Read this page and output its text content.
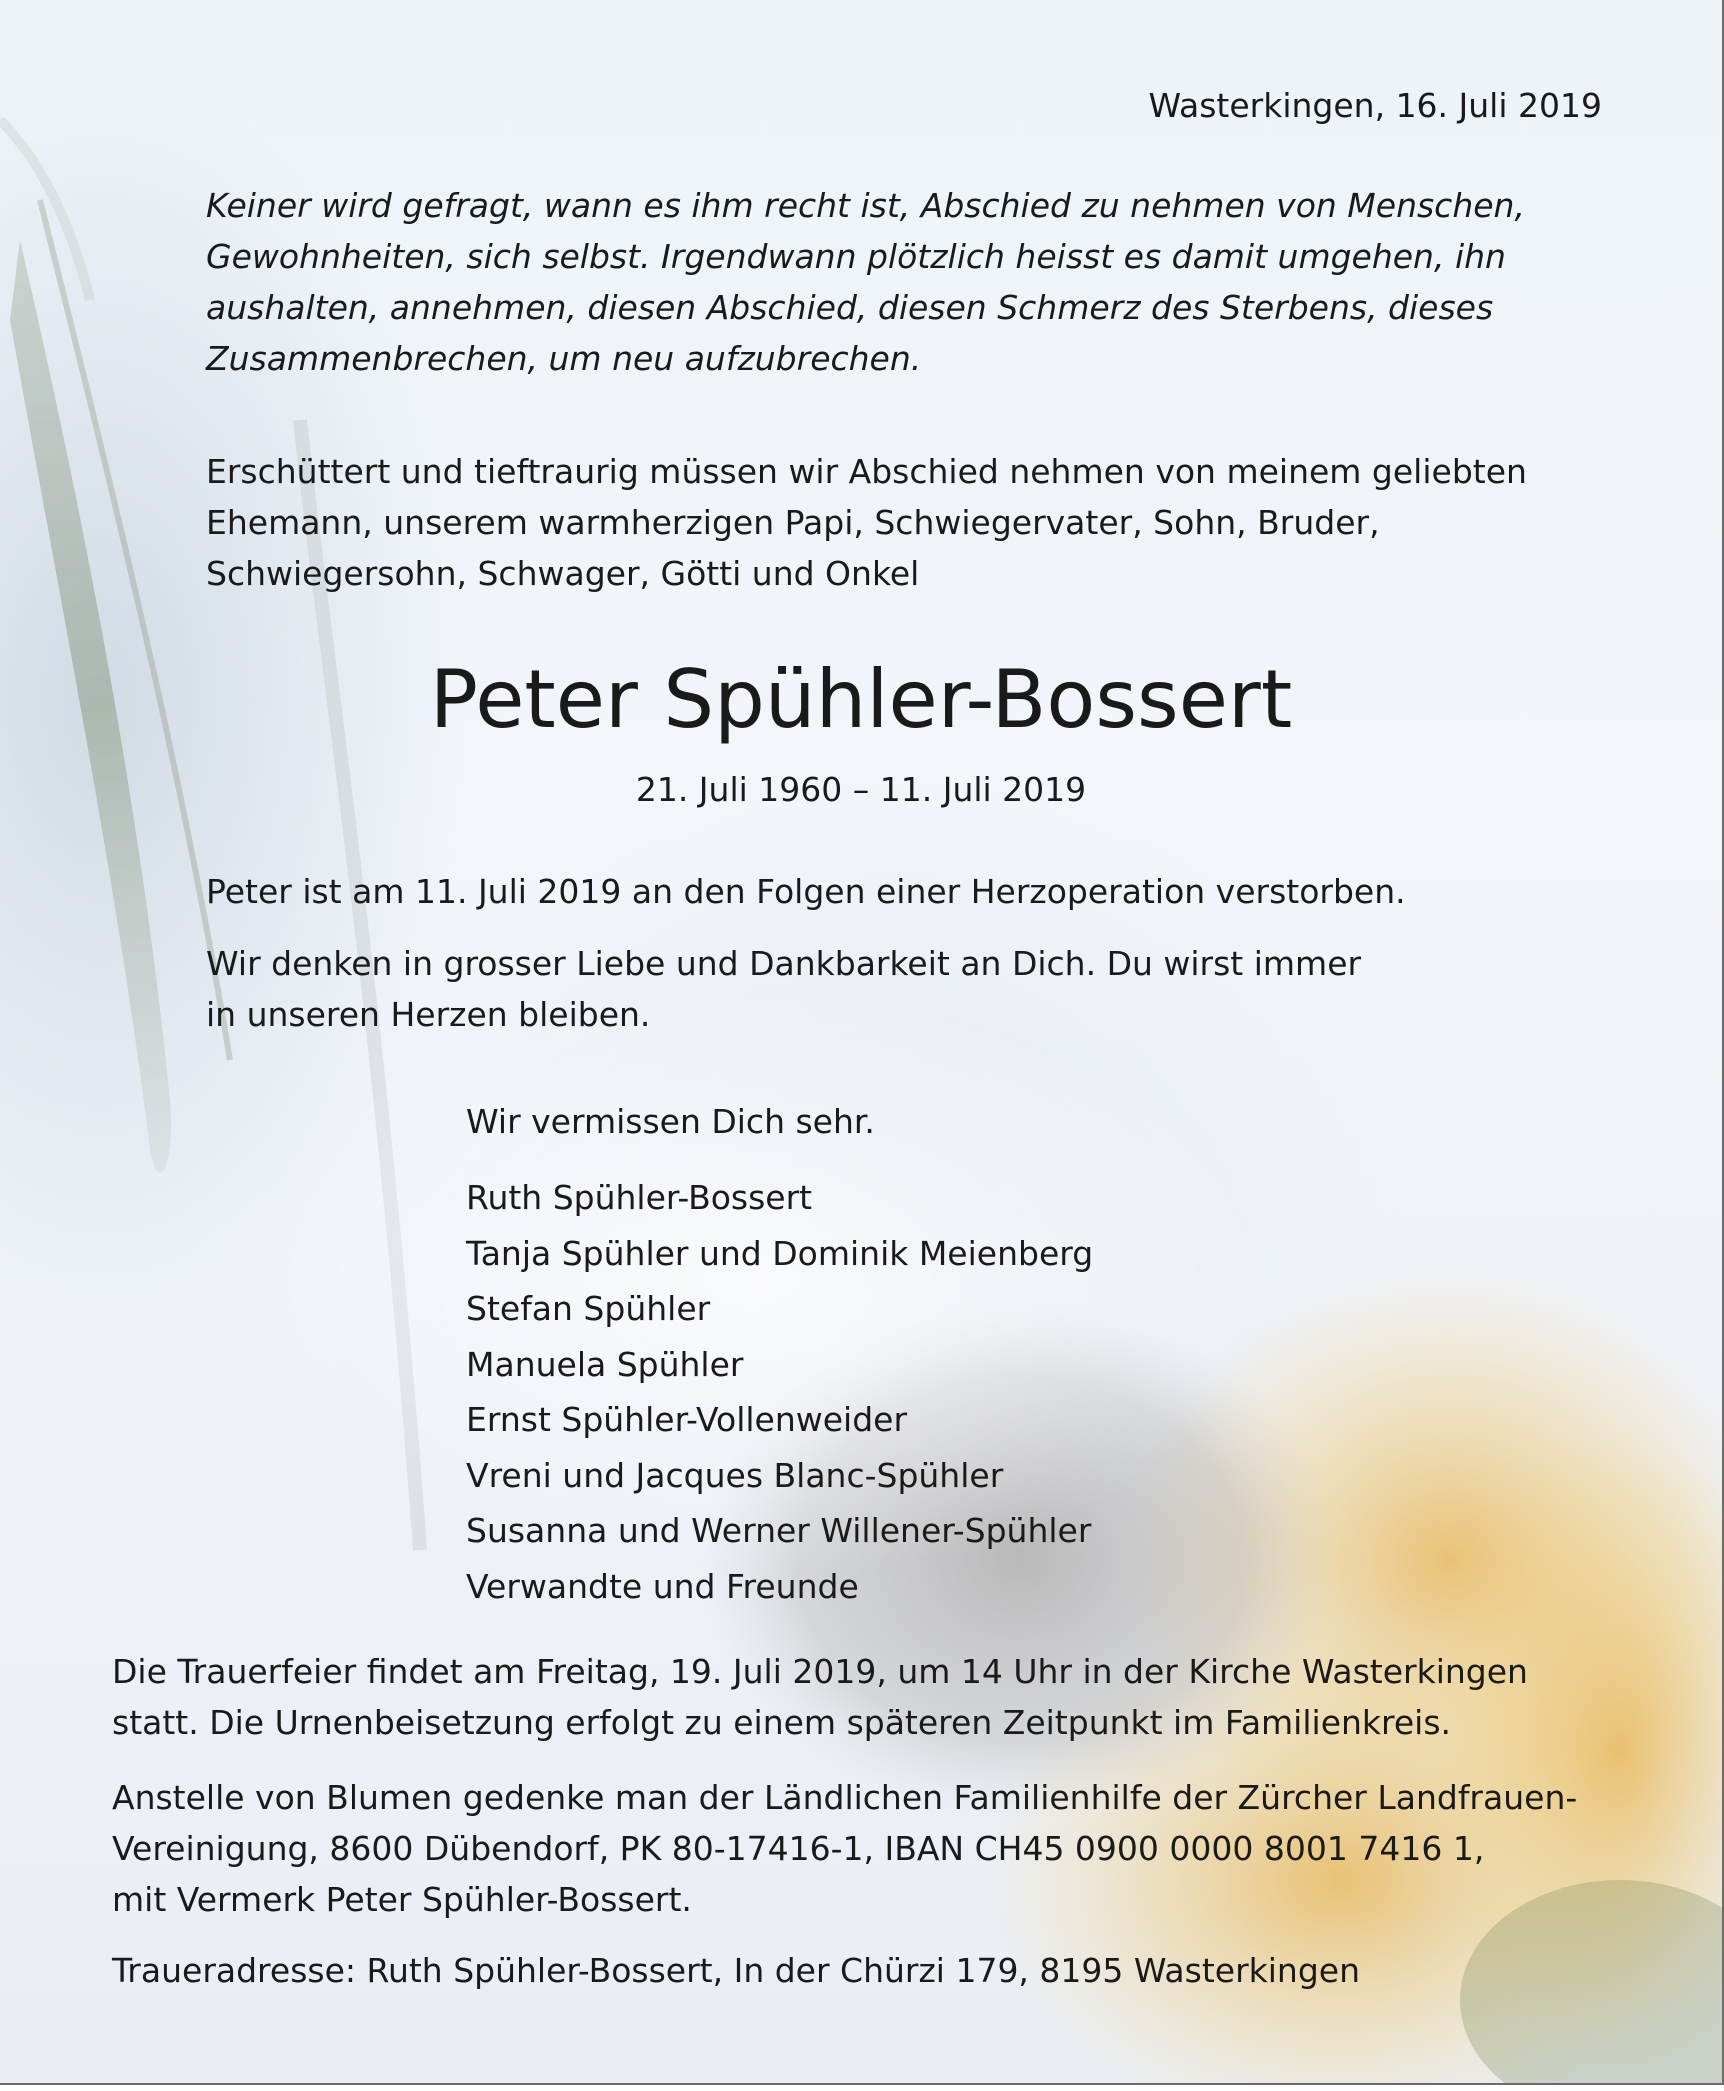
Wasterkingen, 16. Juli 2019
Keiner wird gefragt, wann es ihm recht ist, Abschied zu nehmen von Menschen,
Gewohnheiten, sich selbst. Irgendwann plötzlich heisst es damit umgehen, ihn
aushalten, annehmen, diesen Abschied, diesen Schmerz des Sterbens, dieses
Zusammenbrechen, um neu aufzubrechen.
Erschüttert und tieftraurig müssen wir Abschied nehmen von meinem geliebten
Ehemann, unserem warmherzigen Papi, Schwiegervater, Sohn, Bruder,
Schwiegersohn, Schwager, Götti und Onkel
Peter Spühler-Bossert
21. Juli 1960 – 11. Juli 2019
Peter ist am 11. Juli 2019 an den Folgen einer Herzoperation verstorben.
Wir denken in grosser Liebe und Dankbarkeit an Dich. Du wirst immer
in unseren Herzen bleiben.
Wir vermissen Dich sehr.
Ruth Spühler-Bossert
Tanja Spühler und Dominik Meienberg
Stefan Spühler
Manuela Spühler
Ernst Spühler-Vollenweider
Vreni und Jacques Blanc-Spühler
Susanna und Werner Willener-Spühler
Verwandte und Freunde
Die Trauerfeier findet am Freitag, 19. Juli 2019, um 14 Uhr in der Kirche Wasterkingen
statt. Die Urnenbeisetzung erfolgt zu einem späteren Zeitpunkt im Familienkreis.
Anstelle von Blumen gedenke man der Ländlichen Familienhilfe der Zürcher Landfrauen-
Vereinigung, 8600 Dübendorf, PK 80-17416-1, IBAN CH45 0900 0000 8001 7416 1,
mit Vermerk Peter Spühler-Bossert.
Traueradresse: Ruth Spühler-Bossert, In der Chürzi 179, 8195 Wasterkingen
